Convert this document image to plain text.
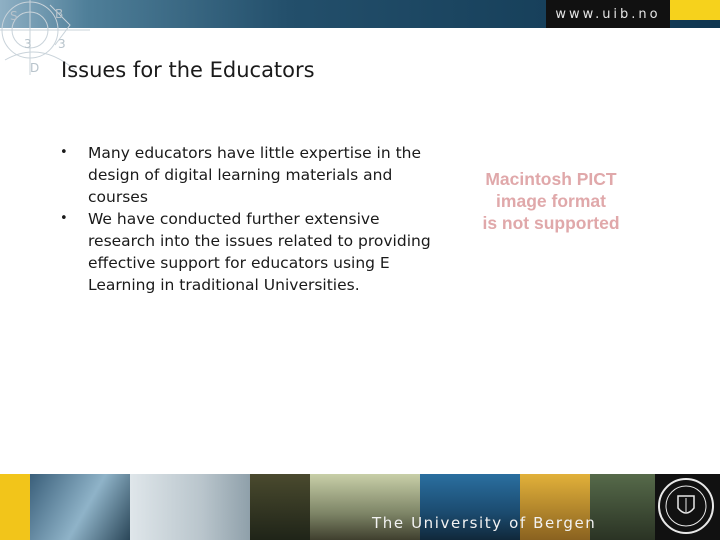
S
3 3
D
B	www.uib.no
Issues for the Educators
• Many educators have little expertise in the design of digital learning materials and courses
• We have conducted further extensive research into the issues related to providing effective support for educators using E Learning in traditional Universities.
Macintosh PICT
image format
is not supported
The University of Bergen
